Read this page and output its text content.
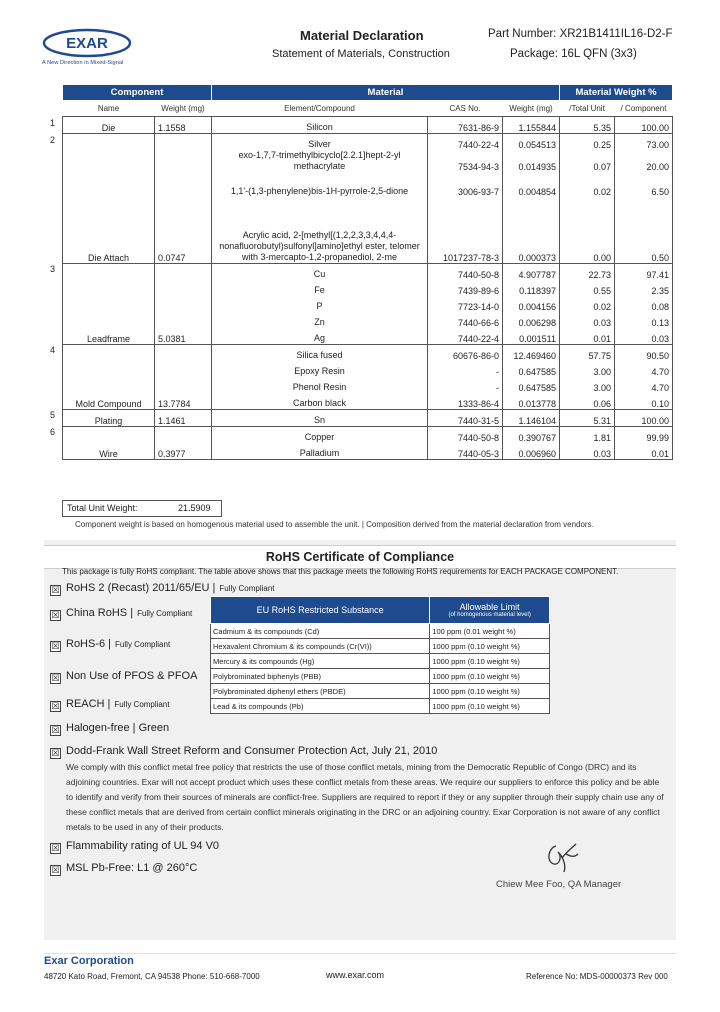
EXAR
A New Direction in Mixed-Signal
Material Declaration
Statement of Materials, Construction
Part Number: XR21B1411IL16-D2-F
Package: 16L QFN (3x3)
Component		Material			Material Weight %	
Name	Weight (mg)	Element/Compound	CAS No.	Weight (mg)	/Total Unit	/ Component
Die	1.1558	Silicon	7631-86-9	1.155844	5.35	100.00
Die Attach	0.0747	Silver	7440-22-4	0.054513	0.25	73.00
		exo-1,7,7-trimethylbicyclo[2.2.1]hept-2-yl methacrylate	7534-94-3	0.014935	0.07	20.00
		1,1'-(1,3-phenylene)bis-1H-pyrrole-2,5-dione	3006-93-7	0.004854	0.02	6.50
		Acrylic acid, 2-[methyl[(1,2,2,3,3,4,4,4-nonafluorobutyl)sulfonyl]amino]ethyl ester, telomer with 3-mercapto-1,2-propanediol, 2-me	1017237-78-3	0.000373	0.00	0.50
Leadframe	5.0381	Cu	7440-50-8	4.907787	22.73	97.41
		Fe	7439-89-6	0.118397	0.55	2.35
		P	7723-14-0	0.004156	0.02	0.08
		Zn	7440-66-6	0.006298	0.03	0.13
		Ag	7440-22-4	0.001511	0.01	0.03
Mold Compound	13.7784	Silica fused	60676-86-0	12.469460	57.75	90.50
		Epoxy Resin	-	0.647585	3.00	4.70
		Phenol Resin	-	0.647585	3.00	4.70
		Carbon black	1333-86-4	0.013778	0.06	0.10
Plating	1.1461	Sn	7440-31-5	1.146104	5.31	100.00
Wire	0.3977	Copper	7440-50-8	0.390767	1.81	99.99
		Palladium	7440-05-3	0.006960	0.03	0.01
1
2
3
4
5
6
Total Unit Weight:	21.5909
Component weight is based on homogenous material used to assemble the unit. | Composition derived from the material declaration from vendors.
RoHS Certificate of Compliance
This package is fully RoHS compliant. The table above shows that this package meets the following RoHS requirements for EACH PACKAGE COMPONENT.
☒ RoHS 2 (Recast) 2011/65/EU | Fully Compliant
☒ China RoHS | Fully Compliant
☒ RoHS-6 | Fully Compliant
☒ Non Use of PFOS & PFOA
☒ REACH | Fully Compliant
☒ Halogen-free | Green
☒ Dodd-Frank Wall Street Reform and Consumer Protection Act, July 21, 2010
☒ Flammability rating of UL 94 V0
☒ MSL Pb-Free: L1 @ 260°C
EU RoHS Restricted Substance	Allowable Limit
(of homogenous material level)

Cadmium & its compounds (Cd)	100 ppm (0.01 weight %)
Hexavalent Chromium & its compounds (Cr(VI))	1000 ppm (0.10 weight %)
Mercury & its compounds (Hg)	1000 ppm (0.10 weight %)
Polybrominated biphenyls (PBB)	1000 ppm (0.10 weight %)
Polybrominated diphenyl ethers (PBDE)	1000 ppm (0.10 weight %)
Lead & its compounds (Pb)	1000 ppm (0.10 weight %)
We comply with this conflict metal free policy that restricts the use of those conflict metals, mining from the Democratic Republic of Congo (DRC) and its adjoining countries. Exar will not accept product which uses these conflict metals from these areas. We require our suppliers to enforce this policy and be able to identify and verify from their sources of minerals are conflict-free. Suppliers are required to report if they or any supplier through their supply chain use any of these conflict metals that are derived from certain conflict minerals originating in the DRC or an adjoining country. Exar Corporation is not aware of any conflict metals to be used in any of their products.
Chiew Mee Foo, QA Manager
Exar Corporation
48720 Kato Road, Fremont, CA 94538 Phone: 510-668-7000	www.exar.com	Reference No: MDS-00000373 Rev 000
